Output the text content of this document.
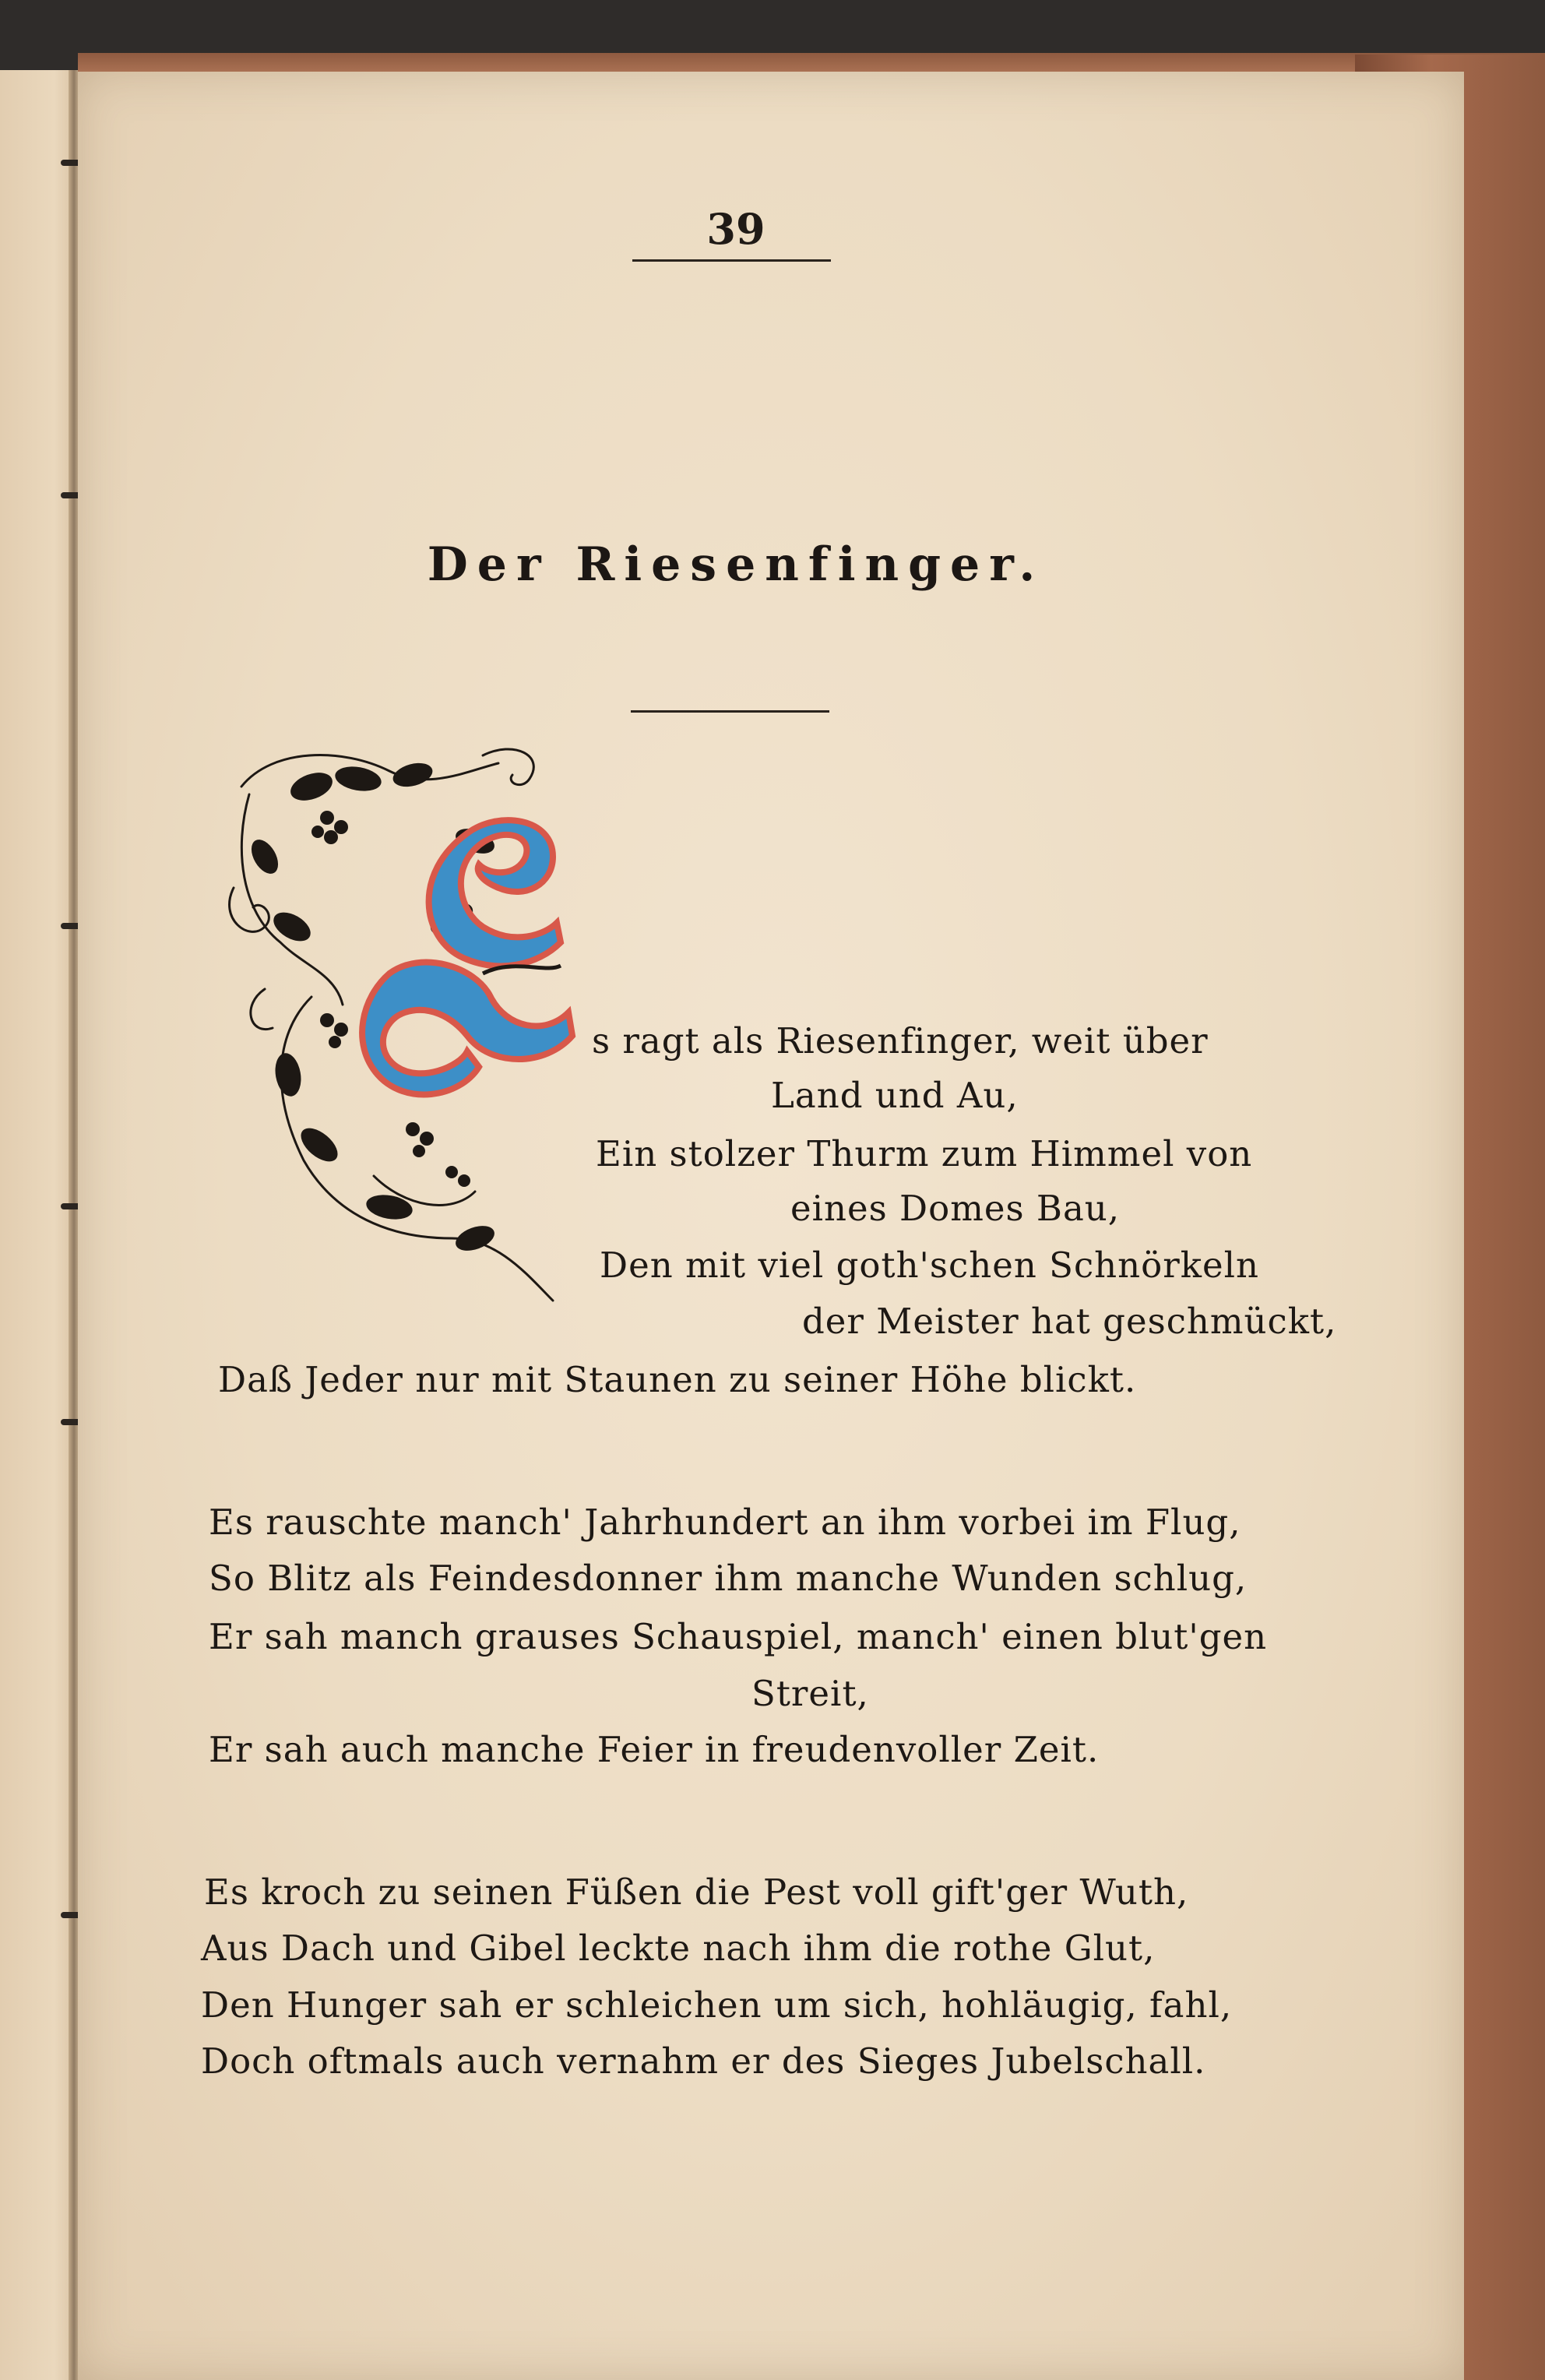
39
Der Riesenfinger.
s ragt als Riesenfinger, weit über
Land und Au,
Ein stolzer Thurm zum Himmel von
eines Domes Bau,
Den mit viel goth'schen Schnörkeln
der Meister hat geschmückt,
Daß Jeder nur mit Staunen zu seiner Höhe blickt.
Es rauschte manch' Jahrhundert an ihm vorbei im Flug,
So Blitz als Feindesdonner ihm manche Wunden schlug,
Er sah manch grauses Schauspiel, manch' einen blut'gen
Streit,
Er sah auch manche Feier in freudenvoller Zeit.
Es kroch zu seinen Füßen die Pest voll gift'ger Wuth,
Aus Dach und Gibel leckte nach ihm die rothe Glut,
Den Hunger sah er schleichen um sich, hohläugig, fahl,
Doch oftmals auch vernahm er des Sieges Jubelschall.
